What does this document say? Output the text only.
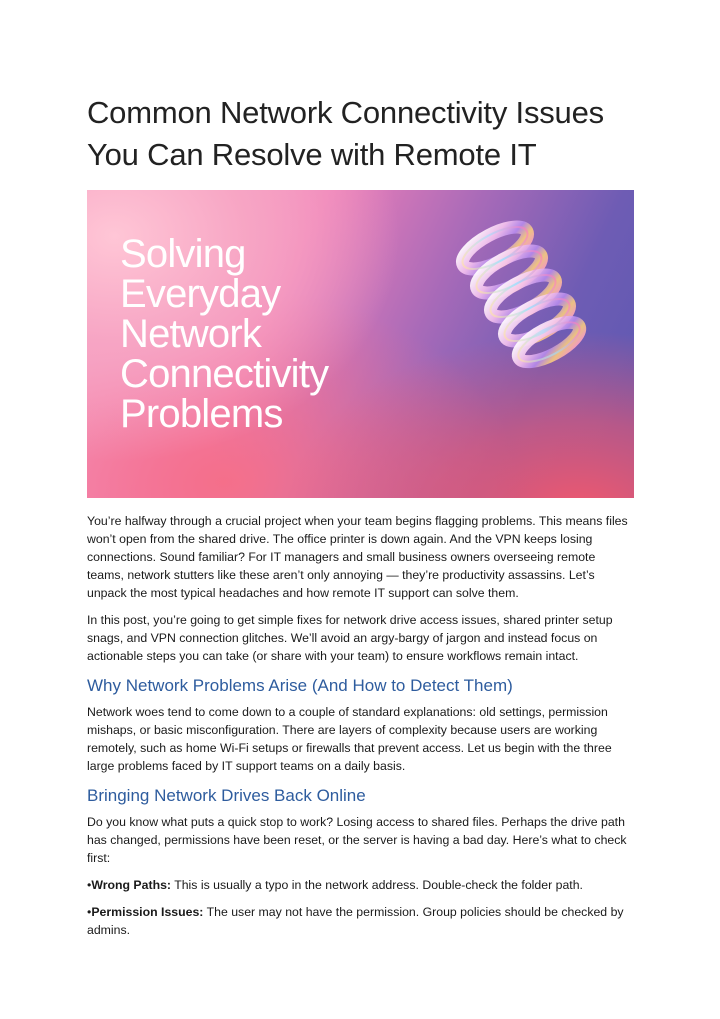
Common Network Connectivity Issues
You Can Resolve with Remote IT
Solving
Everyday
Network
Connectivity
Problems

You’re halfway through a crucial project when your team begins flagging problems. This means files won’t open from the shared drive. The office printer is down again. And the VPN keeps losing connections. Sound familiar? For IT managers and small business owners overseeing remote teams, network stutters like these aren’t only annoying — they’re productivity assassins. Let’s unpack the most typical headaches and how remote IT support can solve them.

In this post, you’re going to get simple fixes for network drive access issues, shared printer setup snags, and VPN connection glitches. We’ll avoid an argy-bargy of jargon and instead focus on actionable steps you can take (or share with your team) to ensure workflows remain intact.

Why Network Problems Arise (And How to Detect Them)

Network woes tend to come down to a couple of standard explanations: old settings, permission mishaps, or basic misconfiguration. There are layers of complexity because users are working remotely, such as home Wi-Fi setups or firewalls that prevent access. Let us begin with the three large problems faced by IT support teams on a daily basis.

Bringing Network Drives Back Online

Do you know what puts a quick stop to work? Losing access to shared files. Perhaps the drive path has changed, permissions have been reset, or the server is having a bad day. Here’s what to check first:

•Wrong Paths: This is usually a typo in the network address. Double-check the folder path.

•Permission Issues: The user may not have the permission. Group policies should be checked by admins.
